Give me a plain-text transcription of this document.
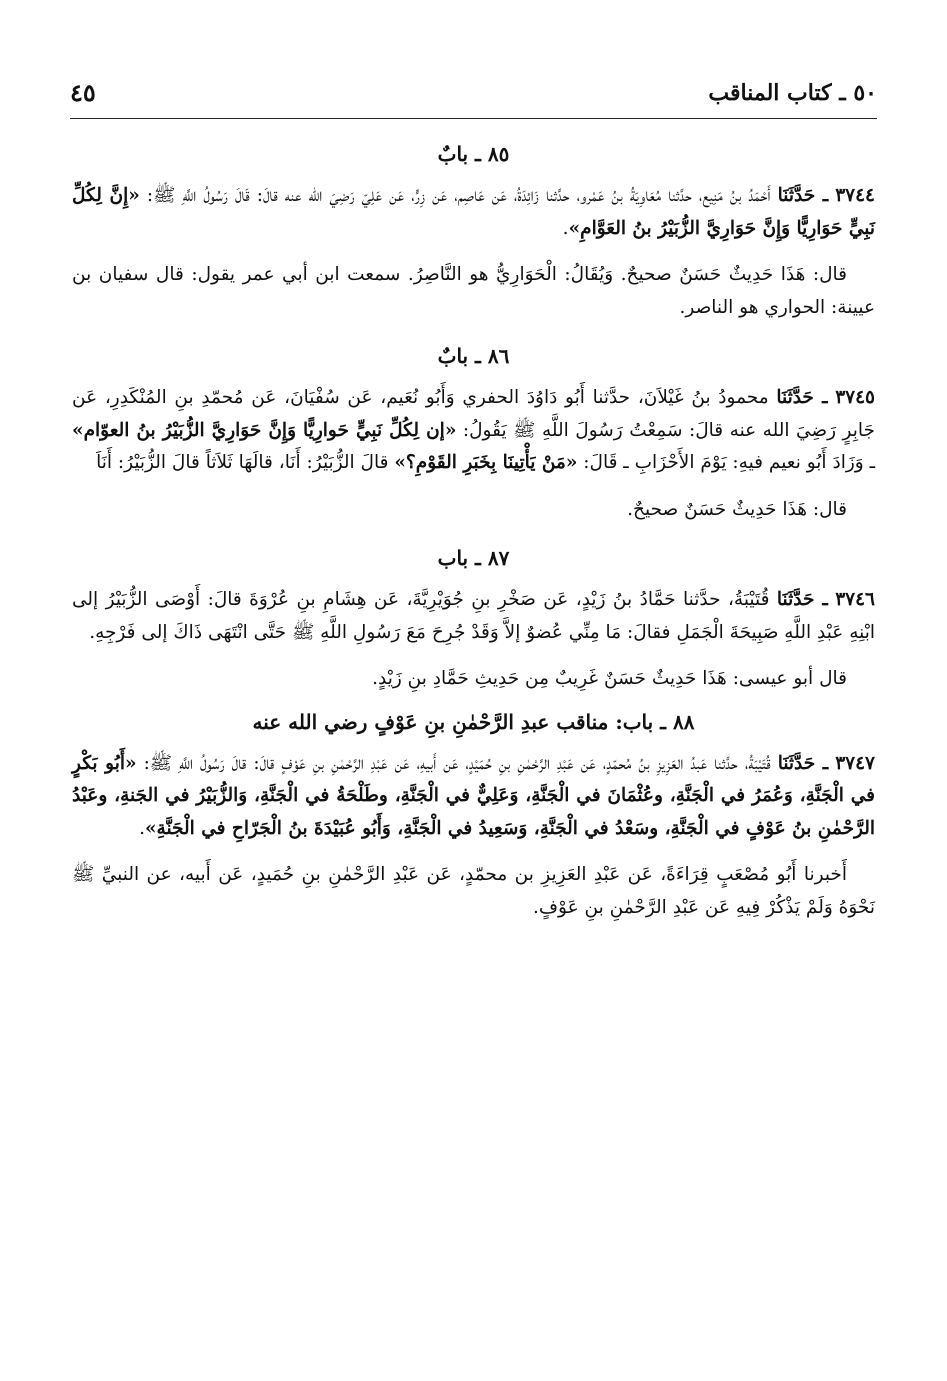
٥٠ ـ كتاب المناقب
٤٥
٨٥ ـ بابٌ

٣٧٤٤ ـ حَدَّثَنَا أَحْمَدُ بنُ مَنِيع، حدَّثنا مُعَاوِيَةُ بنُ عَمْرو، حدَّثنا زَائِدَةُ، عَن عَاصِم، عَن زِرٍّ، عَن عَلِيّ رَضِيَ الله عنه قالَ: قَالَ رَسُولُ اللَّهِ ﷺ: «إِنَّ لِكُلِّ نَبِيٍّ حَوَارِيًّا وَإِنَّ حَوَارِيَّ الزُّبَيْرُ بنُ العَوَّامِ».

قال: هَذَا حَدِيثٌ حَسَنٌ صحيحٌ. وَيُقَالُ: الْحَوَارِيُّ هو النَّاصِرُ. سمعت ابن أبي عمر يقول: قال سفيان بن عيينة: الحواري هو الناصر.

٨٦ ـ بابٌ

٣٧٤٥ ـ حَدَّثَنَا محمودُ بنُ غَيْلاَنَ، حدَّثنا أَبُو دَاوُدَ الحفري وَأَبُو نُعَيم، عَن سُفْيَانَ، عَن مُحمّدِ بنِ المُنْكَدِرِ، عَن جَابِرٍ رَضِيَ الله عنه قالَ: سَمِعْتُ رَسُولَ اللَّهِ ﷺ يَقُولُ: «إن لِكُلِّ نَبِيٍّ حَوارِيًّا وَإِنَّ حَوَارِيَّ الزُّبَيْرُ بنُ العوّام» ـ وَزَادَ أَبُو نعيم فيهِ: يَوْمَ الأَحْزَابِ ـ قَالَ: «مَنْ يَأْتِينَا بِخَبَرِ القَوْمِ؟» قالَ الزُّبَيْرُ: أَنَا، قالَهَا ثَلاَثاً قالَ الزُّبَيْرُ: أَنَاَ

قال: هَذَا حَدِيثٌ حَسَنٌ صحيحٌ.

٨٧ ـ باب

٣٧٤٦ ـ حَدَّثَنَا قُتَيْبَةُ، حدَّثنا حَمَّادُ بنُ زَيْدٍ، عَن صَخْرِ بنِ جُوَيْرِيَّةَ، عَن هِشَامِ بنِ عُرْوَةَ قالَ: أَوْصَى الزُّبَيْرُ إلى ابْنِهِ عَبْدِ اللَّهِ صَبِيحَةَ الْجَمَلِ فقالَ: مَا مِنِّي عُضوٌ إلاَّ وَقَدْ جُرِحَ مَعَ رَسُولِ اللَّهِ ﷺ حَتَّى انْتَهَى ذَاكَ إلى فَرْجِهِ.

قال أبو عيسى: هَذَا حَدِيثٌ حَسَنٌ غَرِيبٌ مِن حَدِيثِ حَمَّادِ بنِ زَيْدٍ.

٨٨ ـ باب: مناقب عبدِ الرَّحْمٰنِ بنِ عَوْفٍ رضي الله عنه

٣٧٤٧ ـ حَدَّثَنَا قُتَيْبَةُ، حدَّثنا عَبدُ العَزِيزِ بنُ مُحمّدٍ، عَن عَبْدِ الرَّحْمٰنِ بنِ حُمَيْدٍ، عَن أَبيهِ، عَن عَبْدِ الرَّحْمٰنِ بنِ عَوْفٍ قالَ: قالَ رَسُولُ اللَّهِ ﷺ: «أَبُو بَكْرٍ في الْجَنَّةِ، وَعُمَرُ في الْجَنَّةِ، وعُثْمَانَ في الْجَنَّةِ، وَعَلِيٌّ في الْجَنَّةِ، وطَلْحَةُ في الْجَنَّةِ، وَالزُّبَيْرُ في الجَنةِ، وعَبْدُ الرَّحْمٰنِ بنُ عَوْفٍ في الْجَنَّةِ، وسَعْدُ في الْجَنَّةِ، وَسَعِيدُ في الْجَنَّةِ، وَأَبُو عُبَيْدَةَ بنُ الْجَرّاحِ في الْجَنَّةِ».

أَخبرنا أَبُو مُصْعَبٍ قِرَاءَةً، عَن عَبْدِ العَزِيزِ بن محمّدٍ، عَن عَبْدِ الرَّحْمٰنِ بنِ حُمَيدٍ، عَن أَبيه، عن النبيِّ ﷺ نَحْوَهُ وَلَمْ يَذْكُرْ فِيهِ عَن عَبْدِ الرَّحْمٰنِ بنِ عَوْفٍ.
